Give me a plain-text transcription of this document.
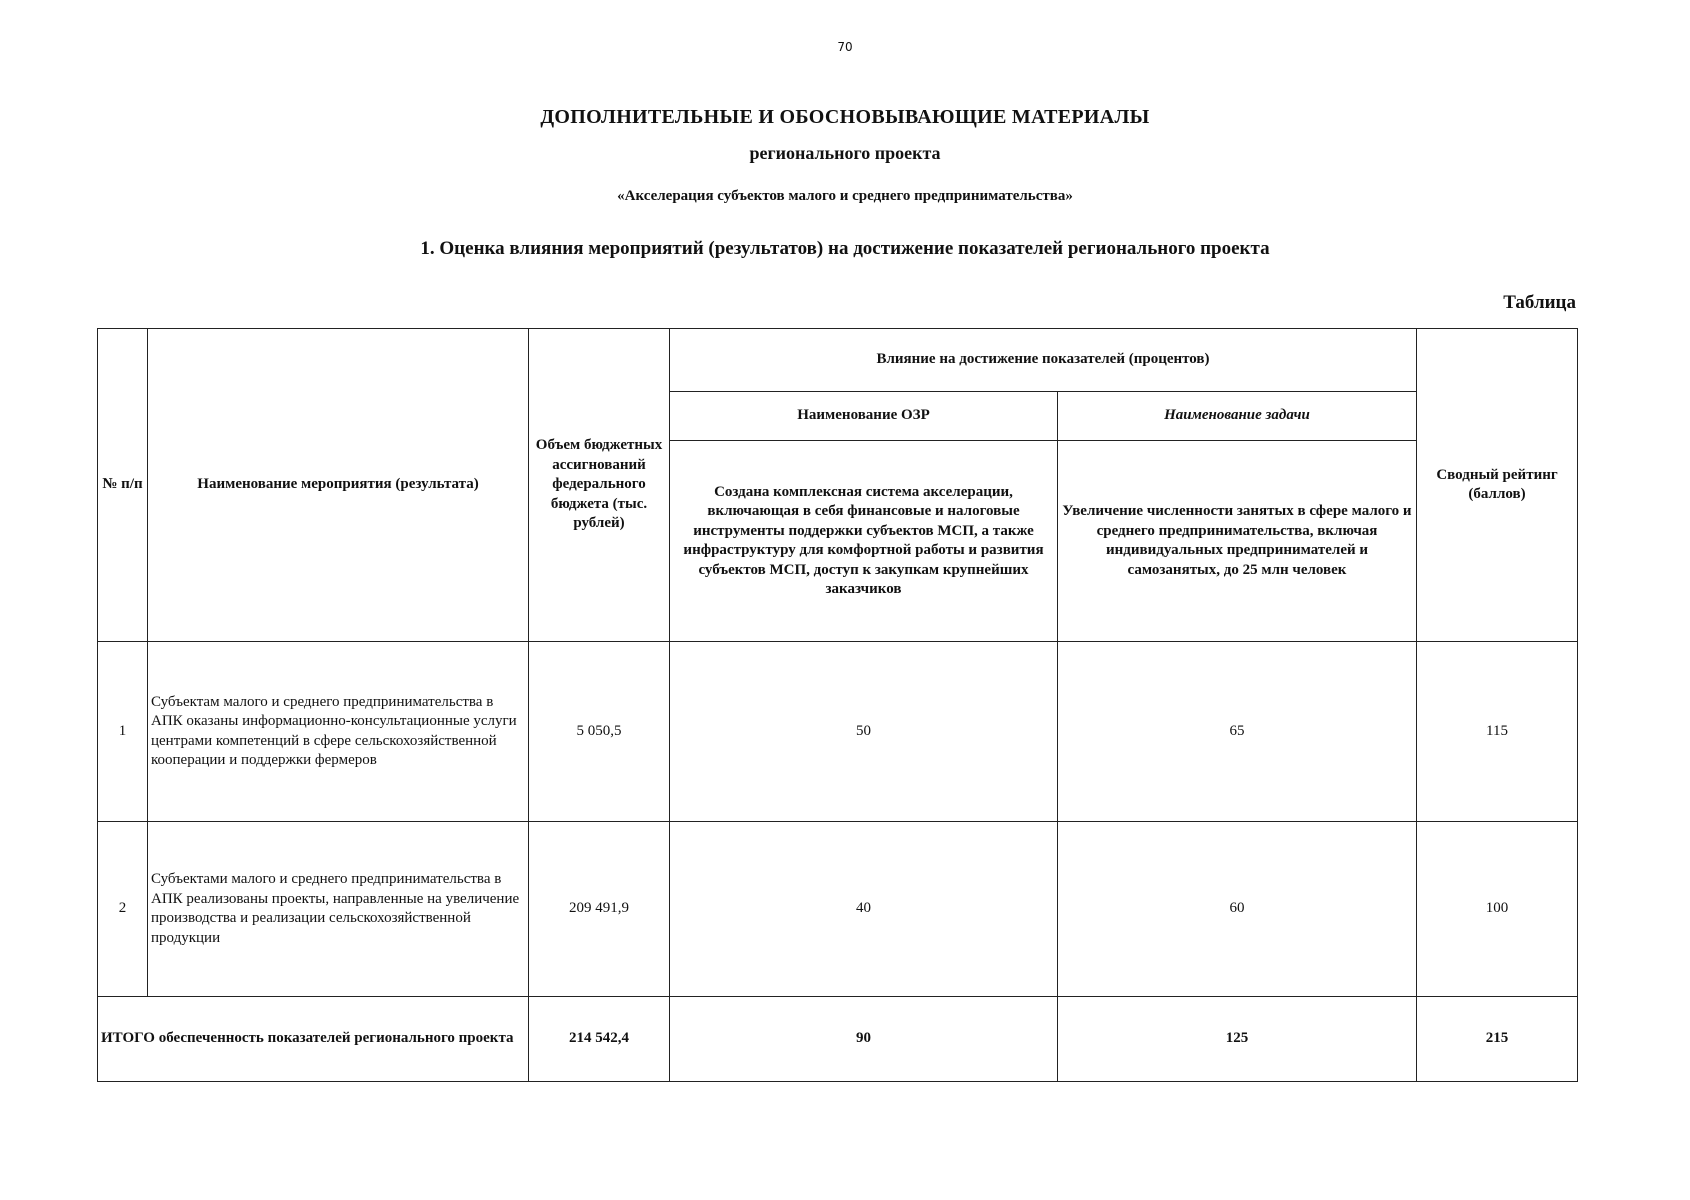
70
ДОПОЛНИТЕЛЬНЫЕ И ОБОСНОВЫВАЮЩИЕ МАТЕРИАЛЫ
регионального проекта
«Акселерация субъектов малого и среднего предпринимательства»
1. Оценка влияния мероприятий (результатов) на достижение показателей регионального проекта
Таблица
№ п/п	Наименование мероприятия (результата)	Объем бюджетных ассигнований федерального бюджета (тыс. рублей)	Влияние на достижение показателей (процентов)		Сводный рейтинг (баллов)
			Наименование ОЗР	Наименование задачи	
			Создана комплексная система акселерации, включающая в себя финансовые и налоговые инструменты поддержки субъектов МСП, а также инфраструктуру для комфортной работы и развития субъектов МСП, доступ к закупкам крупнейших заказчиков	Увеличение численности занятых в сфере малого и среднего предпринимательства, включая индивидуальных предпринимателей и самозанятых, до 25 млн человек	
1	Субъектам малого и среднего предпринимательства в АПК оказаны информационно-консультационные услуги центрами компетенций в сфере сельскохозяйственной кооперации и поддержки фермеров	5 050,5	50	65	115
2	Субъектами малого и среднего предпринимательства в АПК реализованы проекты, направленные на увеличение производства и реализации сельскохозяйственной продукции	209 491,9	40	60	100
ИТОГО обеспеченность показателей регионального проекта		214 542,4	90	125	215
